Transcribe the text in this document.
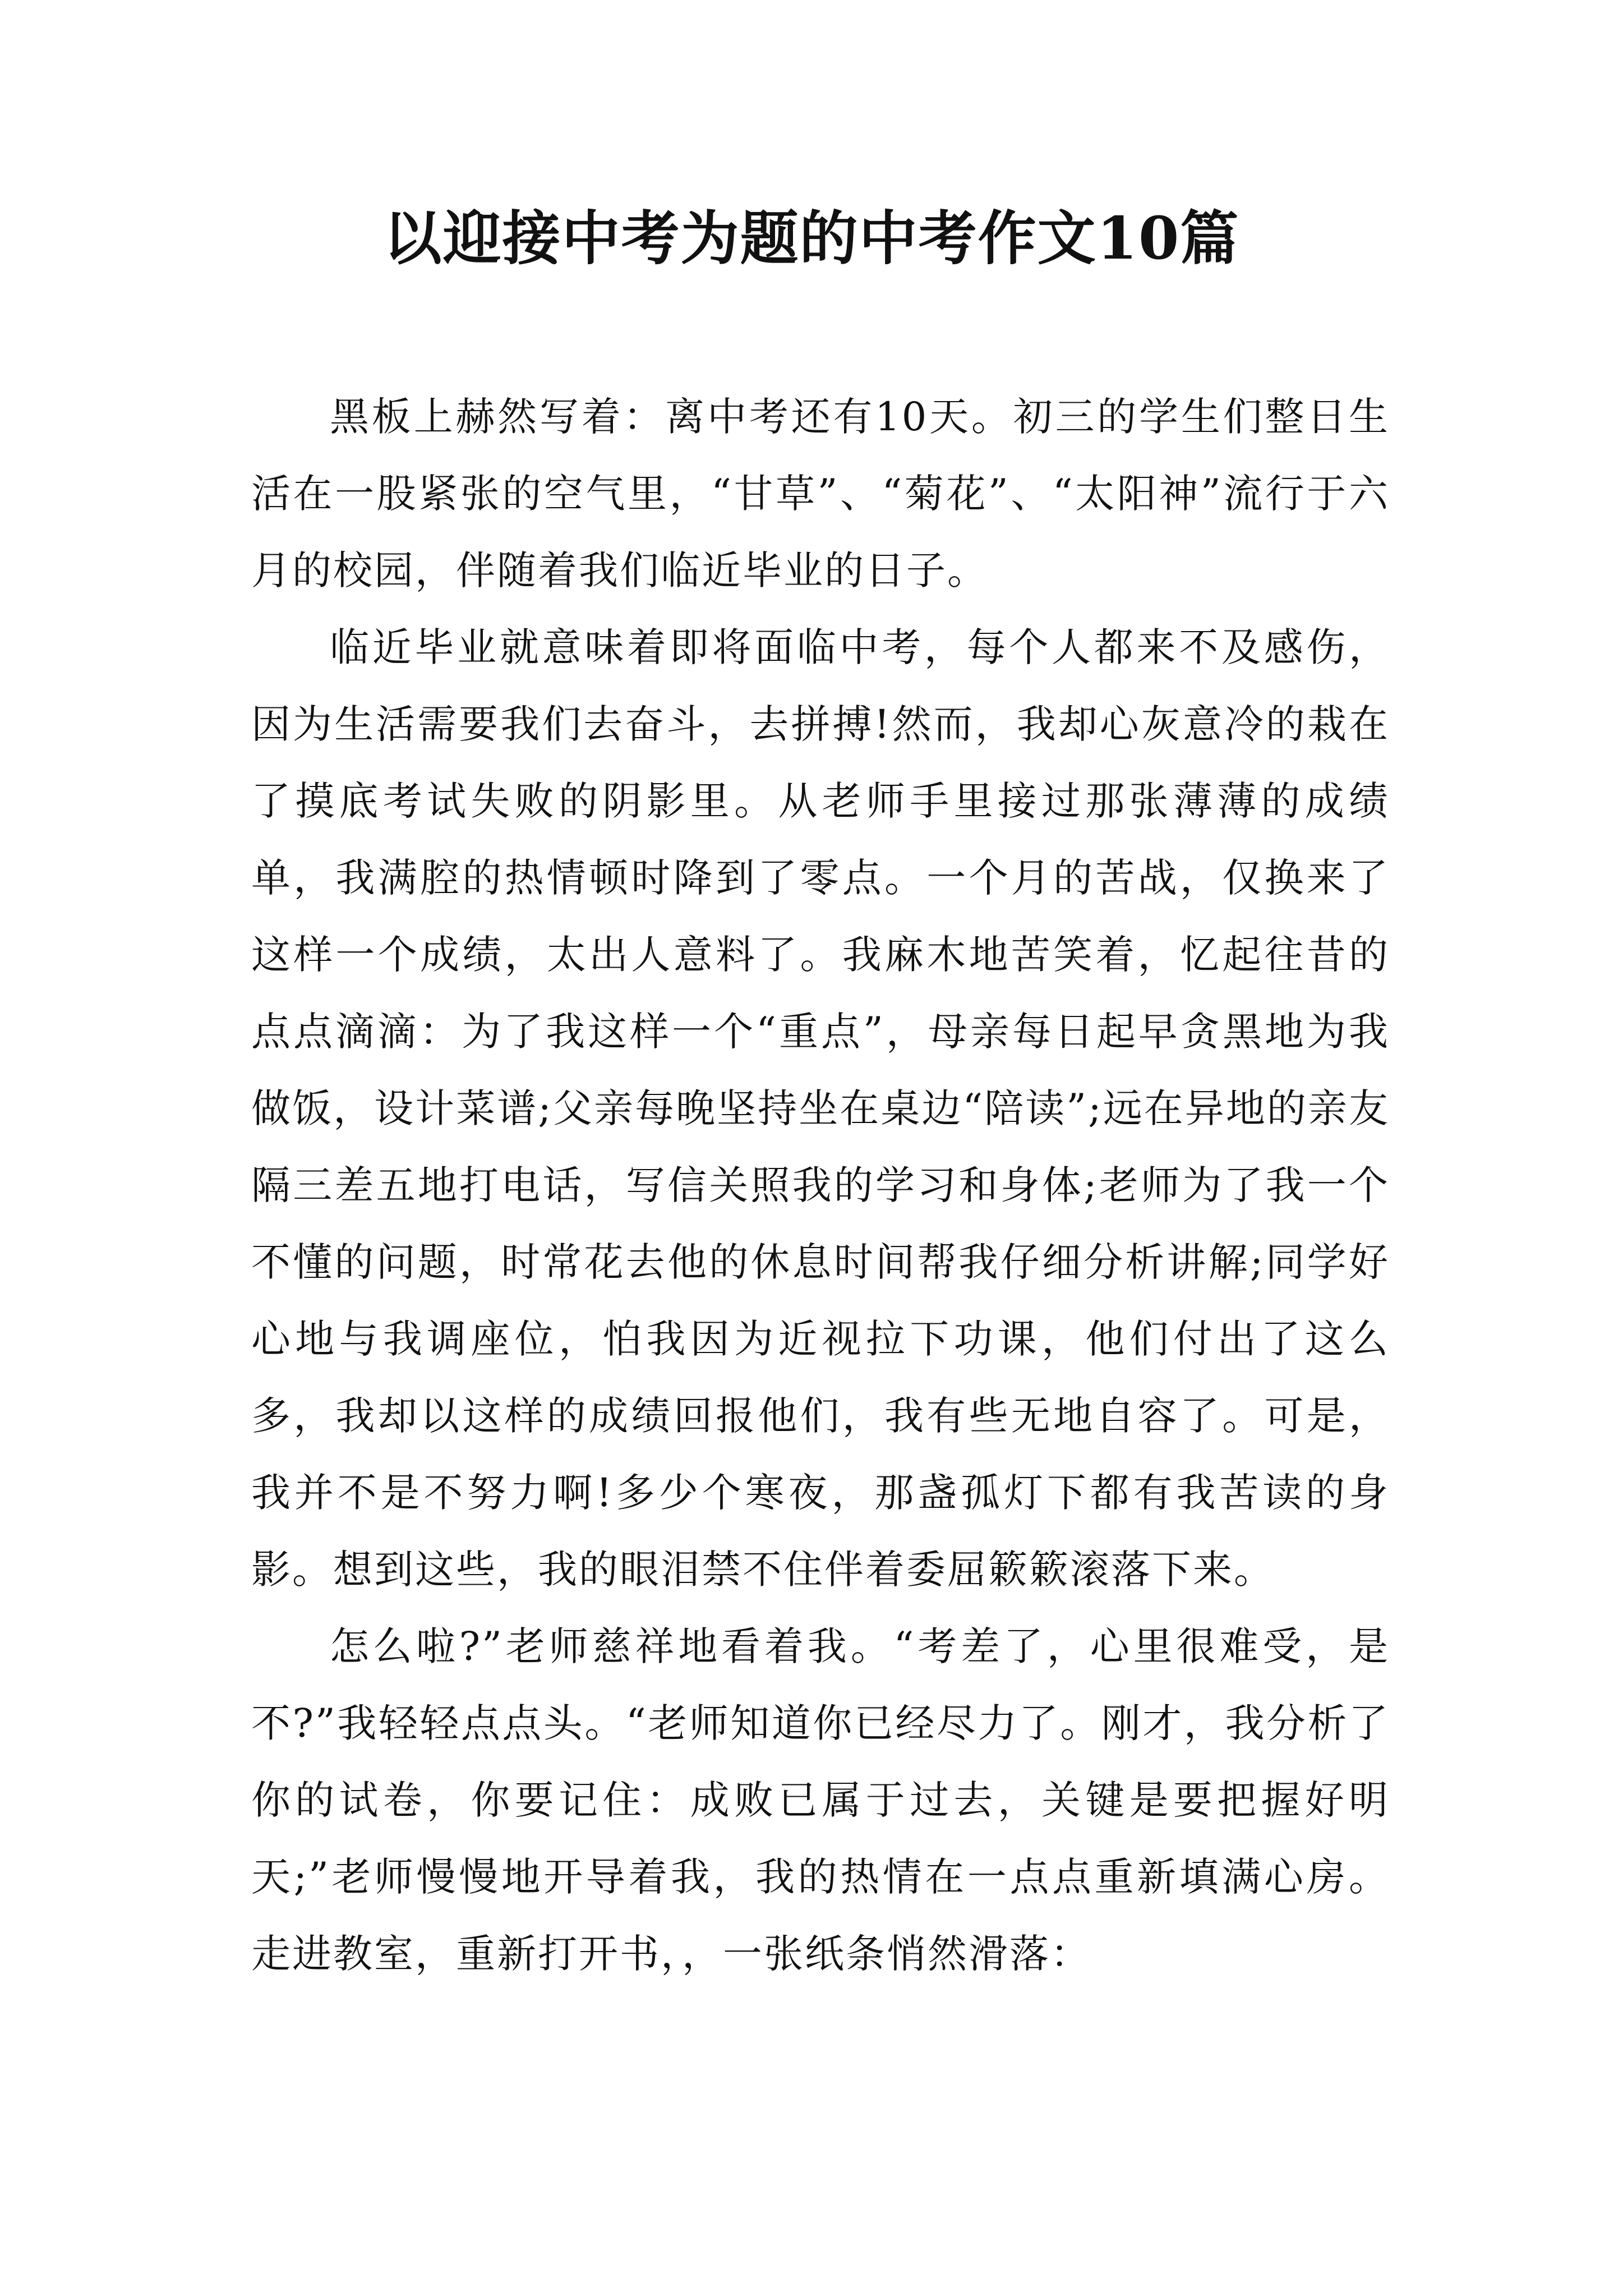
以迎接中考为题的中考作文10篇

黑板上赫然写着：离中考还有10天。初三的学生们整日生活在一股紧张的空气里，“甘草”、“菊花”、“太阳神”流行于六月的校园，伴随着我们临近毕业的日子。

临近毕业就意味着即将面临中考，每个人都来不及感伤，因为生活需要我们去奋斗，去拼搏!然而，我却心灰意冷的栽在了摸底考试失败的阴影里。从老师手里接过那张薄薄的成绩单，我满腔的热情顿时降到了零点。一个月的苦战，仅换来了这样一个成绩，太出人意料了。我麻木地苦笑着，忆起往昔的点点滴滴：为了我这样一个“重点”，母亲每日起早贪黑地为我做饭，设计菜谱;父亲每晚坚持坐在桌边“陪读”;远在异地的亲友隔三差五地打电话，写信关照我的学习和身体;老师为了我一个不懂的问题，时常花去他的休息时间帮我仔细分析讲解;同学好心地与我调座位，怕我因为近视拉下功课，他们付出了这么多，我却以这样的成绩回报他们，我有些无地自容了。可是，我并不是不努力啊!多少个寒夜，那盏孤灯下都有我苦读的身影。想到这些，我的眼泪禁不住伴着委屈簌簌滚落下来。

怎么啦?”老师慈祥地看着我。“考差了，心里很难受，是不?”我轻轻点点头。“老师知道你已经尽力了。刚才，我分析了你的试卷，你要记住：成败已属于过去，关键是要把握好明天;”老师慢慢地开导着我，我的热情在一点点重新填满心房。走进教室，重新打开书，，一张纸条悄然滑落：
